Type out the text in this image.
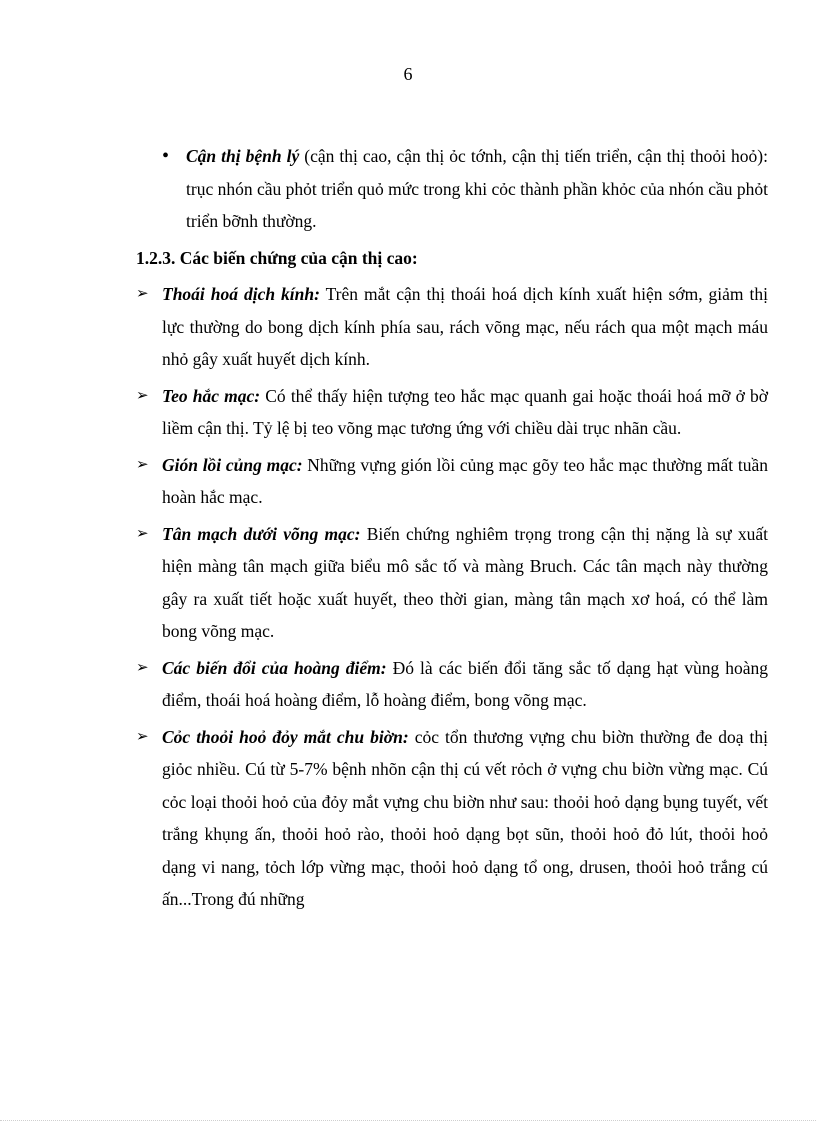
6
• Cận thị bệnh lý (cận thị cao, cận thị ỏc tớnh, cận thị tiến triển, cận thị thoỏi hoỏ): trục nhón cầu phỏt triển quỏ mức trong khi cỏc thành phần khỏc của nhón cầu phỏt triển bỡnh thường.
1.2.3. Các biến chứng của cận thị cao:
➢ Thoái hoá dịch kính: Trên mắt cận thị thoái hoá dịch kính xuất hiện sớm, giảm thị lực thường do bong dịch kính phía sau, rách võng mạc, nếu rách qua một mạch máu nhỏ gây xuất huyết dịch kính.
➢ Teo hắc mạc: Có thể thấy hiện tượng teo hắc mạc quanh gai hoặc thoái hoá mỡ ở bờ liềm cận thị. Tỷ lệ bị teo võng mạc tương ứng với chiều dài trục nhãn cầu.
➢ Gión lồi củng mạc: Những vựng gión lồi củng mạc gõy teo hắc mạc thường mất tuần hoàn hắc mạc.
➢ Tân mạch dưới võng mạc: Biến chứng nghiêm trọng trong cận thị nặng là sự xuất hiện màng tân mạch giữa biểu mô sắc tố và màng Bruch. Các tân mạch này thường gây ra xuất tiết hoặc xuất huyết, theo thời gian, màng tân mạch xơ hoá, có thể làm bong võng mạc.
➢ Các biến đổi của hoàng điểm: Đó là các biến đổi tăng sắc tố dạng hạt vùng hoàng điểm, thoái hoá hoàng điểm, lỗ hoàng điểm, bong võng mạc.
➢ Cỏc thoỏi hoỏ đỏy mắt chu biờn: cỏc tổn thương vựng chu biờn thường đe doạ thị giỏc nhiều. Cú từ 5-7% bệnh nhõn cận thị cú vết rỏch ở vựng chu biờn vừng mạc. Cú cỏc loại thoỏi hoỏ của đỏy mắt vựng chu biờn như sau: thoỏi hoỏ dạng bụng tuyết, vết trắng khụng ấn, thoỏi hoỏ rào, thoỏi hoỏ dạng bọt sũn, thoỏi hoỏ đỏ lút, thoỏi hoỏ dạng vi nang, tỏch lớp vừng mạc, thoỏi hoỏ dạng tổ ong, drusen, thoỏi hoỏ trắng cú ấn...Trong đú những
